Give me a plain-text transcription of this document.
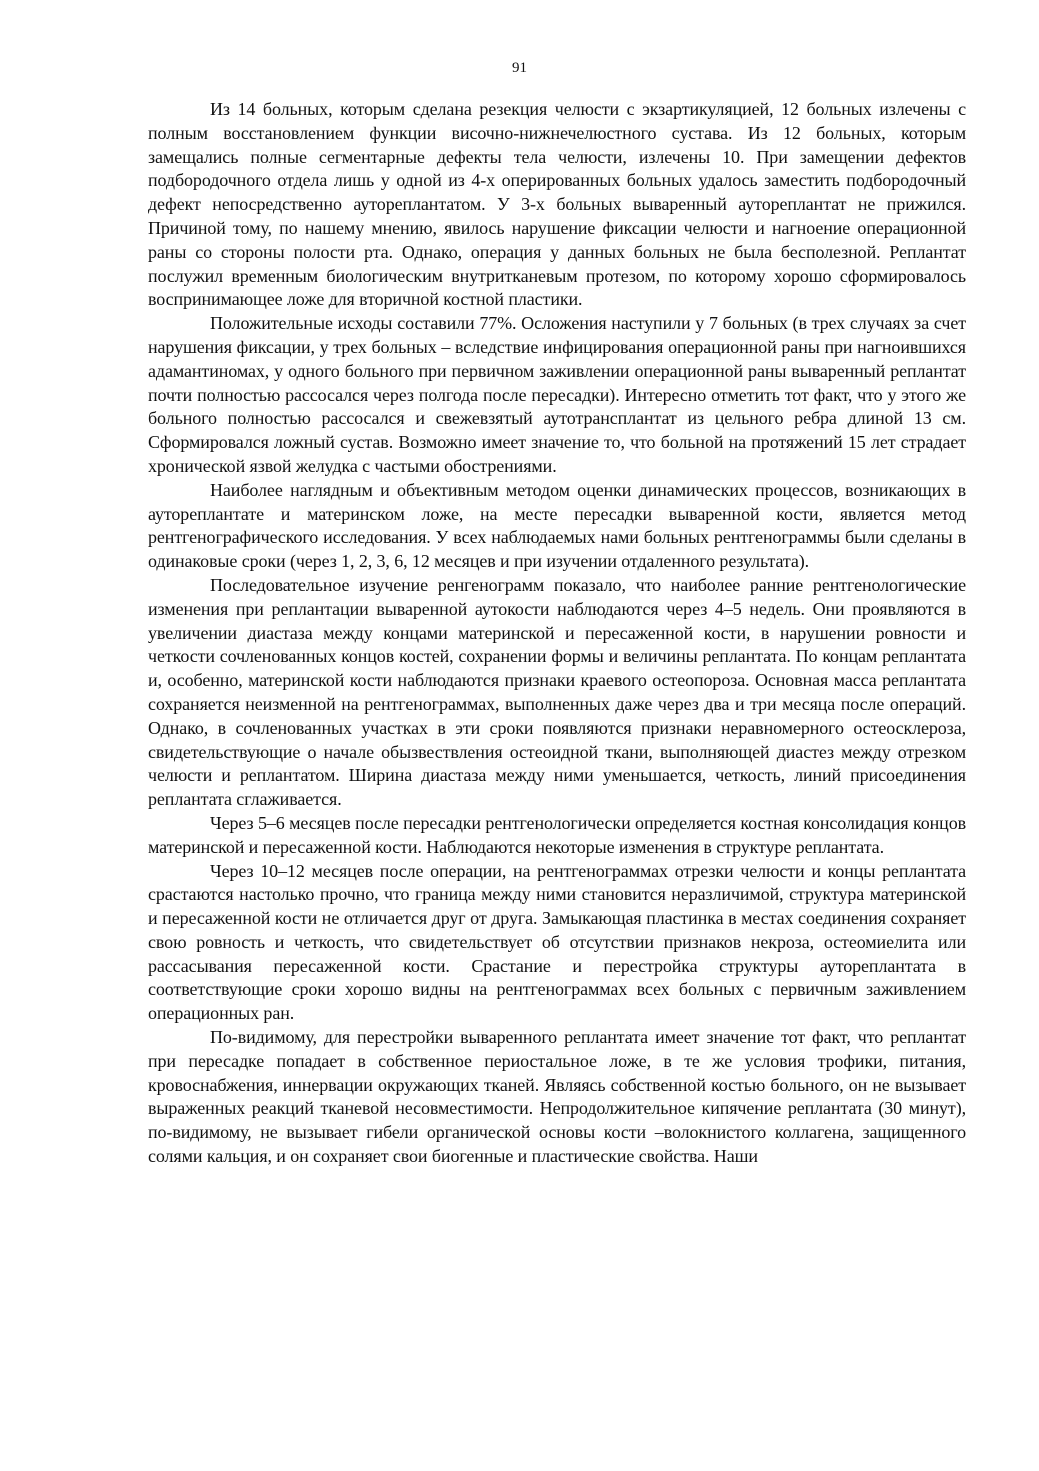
91

Из 14 больных, которым сделана резекция челюсти с экзартикуляцией, 12 больных излечены с полным восстановлением функции височно-нижнечелюстного сустава. Из 12 больных, которым замещались полные сегментарные дефекты тела челюсти, излечены 10. При замещении дефектов подбородочного отдела лишь у одной из 4-х оперированных больных удалось заместить подбородочный дефект непосредственно аутореплантатом. У 3-х больных вываренный аутореплантат не прижился. Причиной тому, по нашему мнению, явилось нарушение фиксации челюсти и нагноение операционной раны со стороны полости рта. Однако, операция у данных больных не была бесполезной. Реплантат послужил временным биологическим внутритканевым протезом, по которому хорошо сформировалось воспринимающее ложе для вторичной костной пластики.

Положительные исходы составили 77%. Осложения наступили у 7 больных (в трех случаях за счет нарушения фиксации, у трех больных – вследствие инфицирования операционной раны при нагноившихся адамантиномах, у одного больного при первичном заживлении операционной раны вываренный реплантат почти полностью рассосался через полгода после пересадки). Интересно отметить тот факт, что у этого же больного полностью рассосался и свежевзятый аутотрансплантат из цельного ребра длиной 13 см. Сформировался ложный сустав. Возможно имеет значение то, что больной на протяжений 15 лет страдает хронической язвой желудка с частыми обострениями.

Наиболее наглядным и объективным методом оценки динамических процессов, возникающих в аутореплантате и материнском ложе, на месте пересадки вываренной кости, является метод рентгенографического исследования. У всех наблюдаемых нами больных рентгенограммы были сделаны в одинаковые сроки (через 1, 2, 3, 6, 12 месяцев и при изучении отдаленного результата).

Последовательное изучение ренгенограмм показало, что наиболее ранние рентгенологические изменения при реплантации вываренной аутокости наблюдаются через 4–5 недель. Они проявляются в увеличении диастаза между концами материнской и пересаженной кости, в нарушении ровности и четкости сочленованных концов костей, сохранении формы и величины реплантата. По концам реплантата и, особенно, материнской кости наблюдаются признаки краевого остеопороза. Основная масса реплантата сохраняется неизменной на рентгенограммах, выполненных даже через два и три месяца после операций. Однако, в сочленованных участках в эти сроки появляются признаки неравномерного остеосклероза, свидетельствующие о начале обызвествления остеоидной ткани, выполняющей диастез между отрезком челюсти и реплантатом. Ширина диастаза между ними уменьшается, четкость, линий присоединения реплантата сглаживается.

Через 5–6 месяцев после пересадки рентгенологически определяется костная консолидация концов материнской и пересаженной кости. Наблюдаются некоторые изменения в структуре реплантата.

Через 10–12 месяцев после операции, на рентгенограммах отрезки челюсти и концы реплантата срастаются настолько прочно, что граница между ними становится неразличимой, структура материнской и пересаженной кости не отличается друг от друга. Замыкающая пластинка в местах соединения сохраняет свою ровность и четкость, что свидетельствует об отсутствии признаков некроза, остеомиелита или рассасывания пересаженной кости. Срастание и перестройка структуры аутореплантата в соответствующие сроки хорошо видны на рентгенограммах всех больных с первичным заживлением операционных ран.

По-видимому, для перестройки вываренного реплантата имеет значение тот факт, что реплантат при пересадке попадает в собственное периостальное ложе, в те же условия трофики, питания, кровоснабжения, иннервации окружающих тканей. Являясь собственной костью больного, он не вызывает выраженных реакций тканевой несовместимости. Непродолжительное кипячение реплантата (30 минут), по-видимому, не вызывает гибели органической основы кости –волокнистого коллагена, защищенного солями кальция, и он сохраняет свои биогенные и пластические свойства. Наши
